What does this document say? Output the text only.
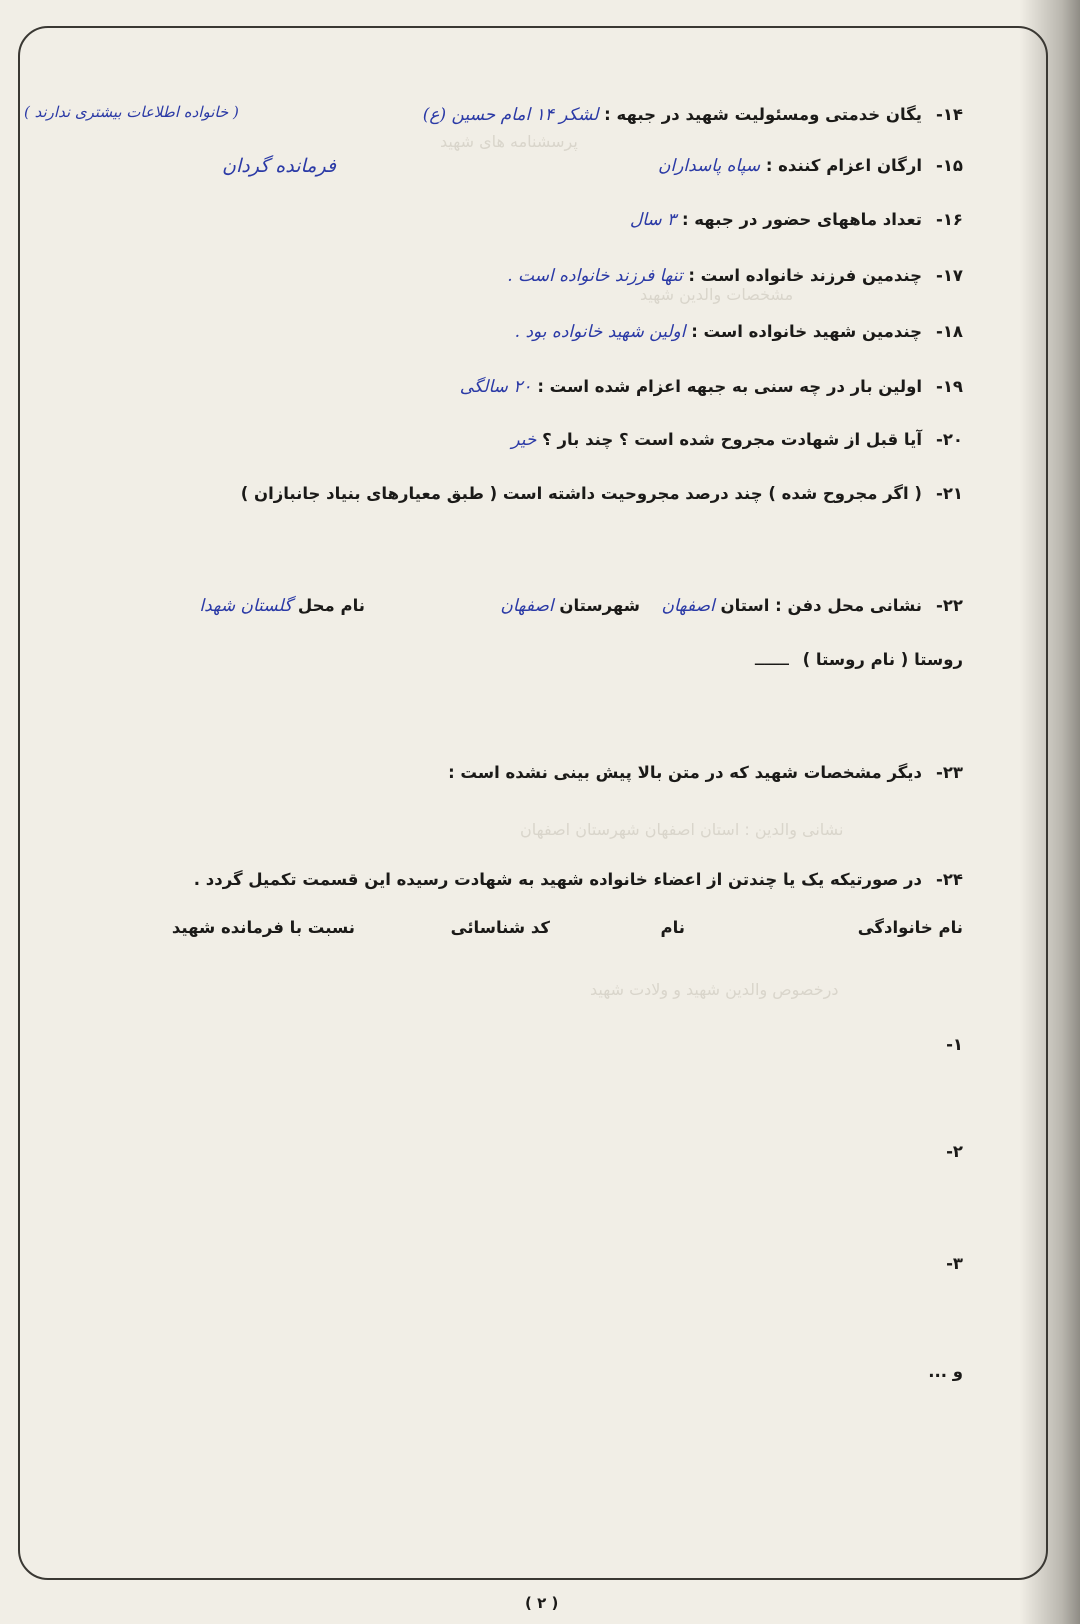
پرسشنامه های شهید
مشخصات والدین شهید
درخصوص والدین شهید و ولادت شهید
نشانی والدین : استان اصفهان شهرستان اصفهان
۱۴-یگان خدمتی ومسئولیت شهید در جبهه : لشکر ۱۴ امام حسین (ع)
( خانواده اطلاعات بیشتری ندارند )
فرمانده گردان	۱۵-ارگان اعزام کننده : سپاه پاسداران
۱۶-تعداد ماههای حضور در جبهه : ۳ سال
۱۷-چندمین فرزند خانواده است : تنها فرزند خانواده است .
۱۸-چندمین شهید خانواده است : اولین شهید خانواده بود .
۱۹-اولین بار در چه سنی به جبهه اعزام شده است : ۲۰ سالگی
۲۰-آیا قبل از شهادت مجروح شده است ؟ چند بار ؟ خیر
۲۱-( اگر مجروح شده ) چند درصد مجروحیت داشته است ( طبق معیارهای بنیاد جانبازان )
۲۲-نشانی محل دفن : استان اصفهان
شهرستان اصفهان
نام محل گلستان شهدا
روستا ( نام روستا ) ـــــــ
۲۳-دیگر مشخصات شهید که در متن بالا پیش بینی نشده است :
۲۴-در صورتیکه یک یا چندتن از اعضاء خانواده شهید به شهادت رسیده این قسمت تکمیل گردد .
نام خانوادگی
نام
کد شناسائی
نسبت با فرمانده شهید
۱-
۲-
۳-
و ...
( ۲ )
